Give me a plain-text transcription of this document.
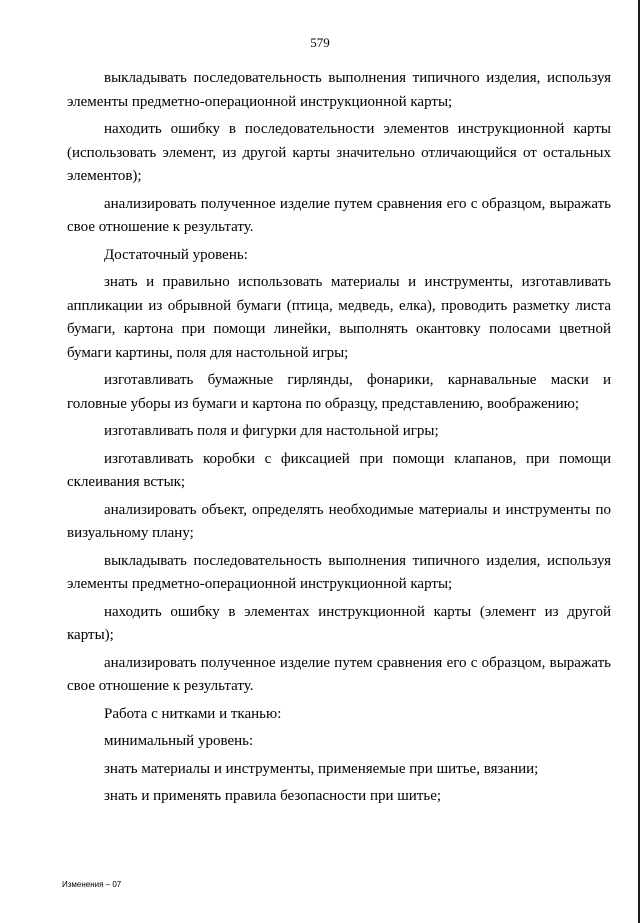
579

выкладывать последовательность выполнения типичного изделия, используя элементы предметно-операционной инструкционной карты;

находить ошибку в последовательности элементов инструкционной карты (использовать элемент, из другой карты значительно отличающийся от остальных элементов);

анализировать полученное изделие путем сравнения его с образцом, выражать свое отношение к результату.

Достаточный уровень:

знать и правильно использовать материалы и инструменты, изготавливать аппликации из обрывной бумаги (птица, медведь, елка), проводить разметку листа бумаги, картона при помощи линейки, выполнять окантовку полосами цветной бумаги картины, поля для настольной игры;

изготавливать бумажные гирлянды, фонарики, карнавальные маски и головные уборы из бумаги и картона по образцу, представлению, воображению;

изготавливать поля и фигурки для настольной игры;

изготавливать коробки с фиксацией при помощи клапанов, при помощи склеивания встык;

анализировать объект, определять необходимые материалы и инструменты по визуальному плану;

выкладывать последовательность выполнения типичного изделия, используя элементы предметно-операционной инструкционной карты;

находить ошибку в элементах инструкционной карты (элемент из другой карты);

анализировать полученное изделие путем сравнения его с образцом, выражать свое отношение к результату.

Работа с нитками и тканью:

минимальный уровень:

знать материалы и инструменты, применяемые при шитье, вязании;

знать и применять правила безопасности при шитье;

Изменения – 07
